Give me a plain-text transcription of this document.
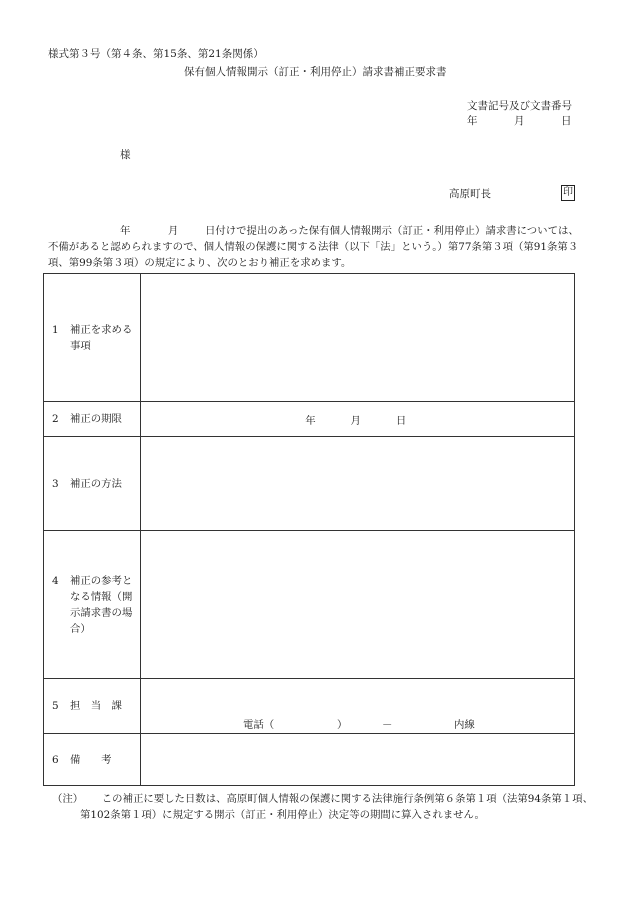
様式第３号（第４条、第15条、第21条関係）
保有個人情報開示（訂正・利用停止）請求書補正要求書
文書記号及び文書番号
年	月	日
様
高原町長	印
年	月	日付けで提出のあった保有個人情報開示（訂正・利用停止）請求書については、
不備があると認められますので、個人情報の保護に関する法律（以下「法」という。）第77条第３項（第91条第３
項、第99条第３項）の規定により、次のとおり補正を求めます。
1 補正を求める事項	

2 補正の期限	年 月 日

3 補正の方法	

4 補正の参考となる情報（開示請求書の場合）	

5 担　当　課	電話（ ） － 内線

6 備　　考	

（注） この補正に要した日数は、高原町個人情報の保護に関する法律施行条例第６条第１項（法第94条第１項、
第102条第１項）に規定する開示（訂正・利用停止）決定等の期間に算入されません。
